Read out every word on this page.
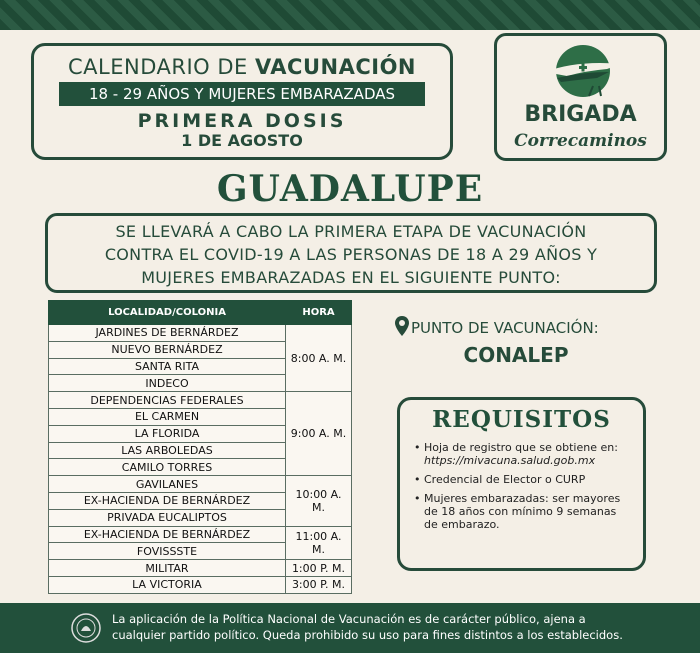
CALENDARIO DE VACUNACIÓN
18 - 29 AÑOS Y MUJERES EMBARAZADAS
PRIMERA DOSIS
1 DE AGOSTO
BRIGADA
Correcaminos
GUADALUPE
SE LLEVARÁ A CABO LA PRIMERA ETAPA DE VACUNACIÓN
CONTRA EL COVID-19 A LAS PERSONAS DE 18 A 29 AÑOS Y
MUJERES EMBARAZADAS EN EL SIGUIENTE PUNTO:
LOCALIDAD/COLONIA	HORA
JARDINES DE BERNÁRDEZ	8:00 A. M.
NUEVO BERNÁRDEZ	
SANTA RITA	
INDECO	
DEPENDENCIAS FEDERALES	9:00 A. M.
EL CARMEN	
LA FLORIDA	
LAS ARBOLEDAS	
CAMILO TORRES	
GAVILANES	10:00 A. M.
EX-HACIENDA DE BERNÁRDEZ	
PRIVADA EUCALIPTOS	
EX-HACIENDA DE BERNÁRDEZ	11:00 A. M.
FOVISSSTE	
MILITAR	1:00 P. M.
LA VICTORIA	3:00 P. M.
PUNTO DE VACUNACIÓN:
CONALEP
REQUISITOS
• Hoja de registro que se obtiene en: https://mivacuna.salud.gob.mx
• Credencial de Elector o CURP
• Mujeres embarazadas: ser mayores de 18 años con mínimo 9 semanas de embarazo.
La aplicación de la Política Nacional de Vacunación es de carácter público, ajena a
cualquier partido político. Queda prohibido su uso para fines distintos a los establecidos.
